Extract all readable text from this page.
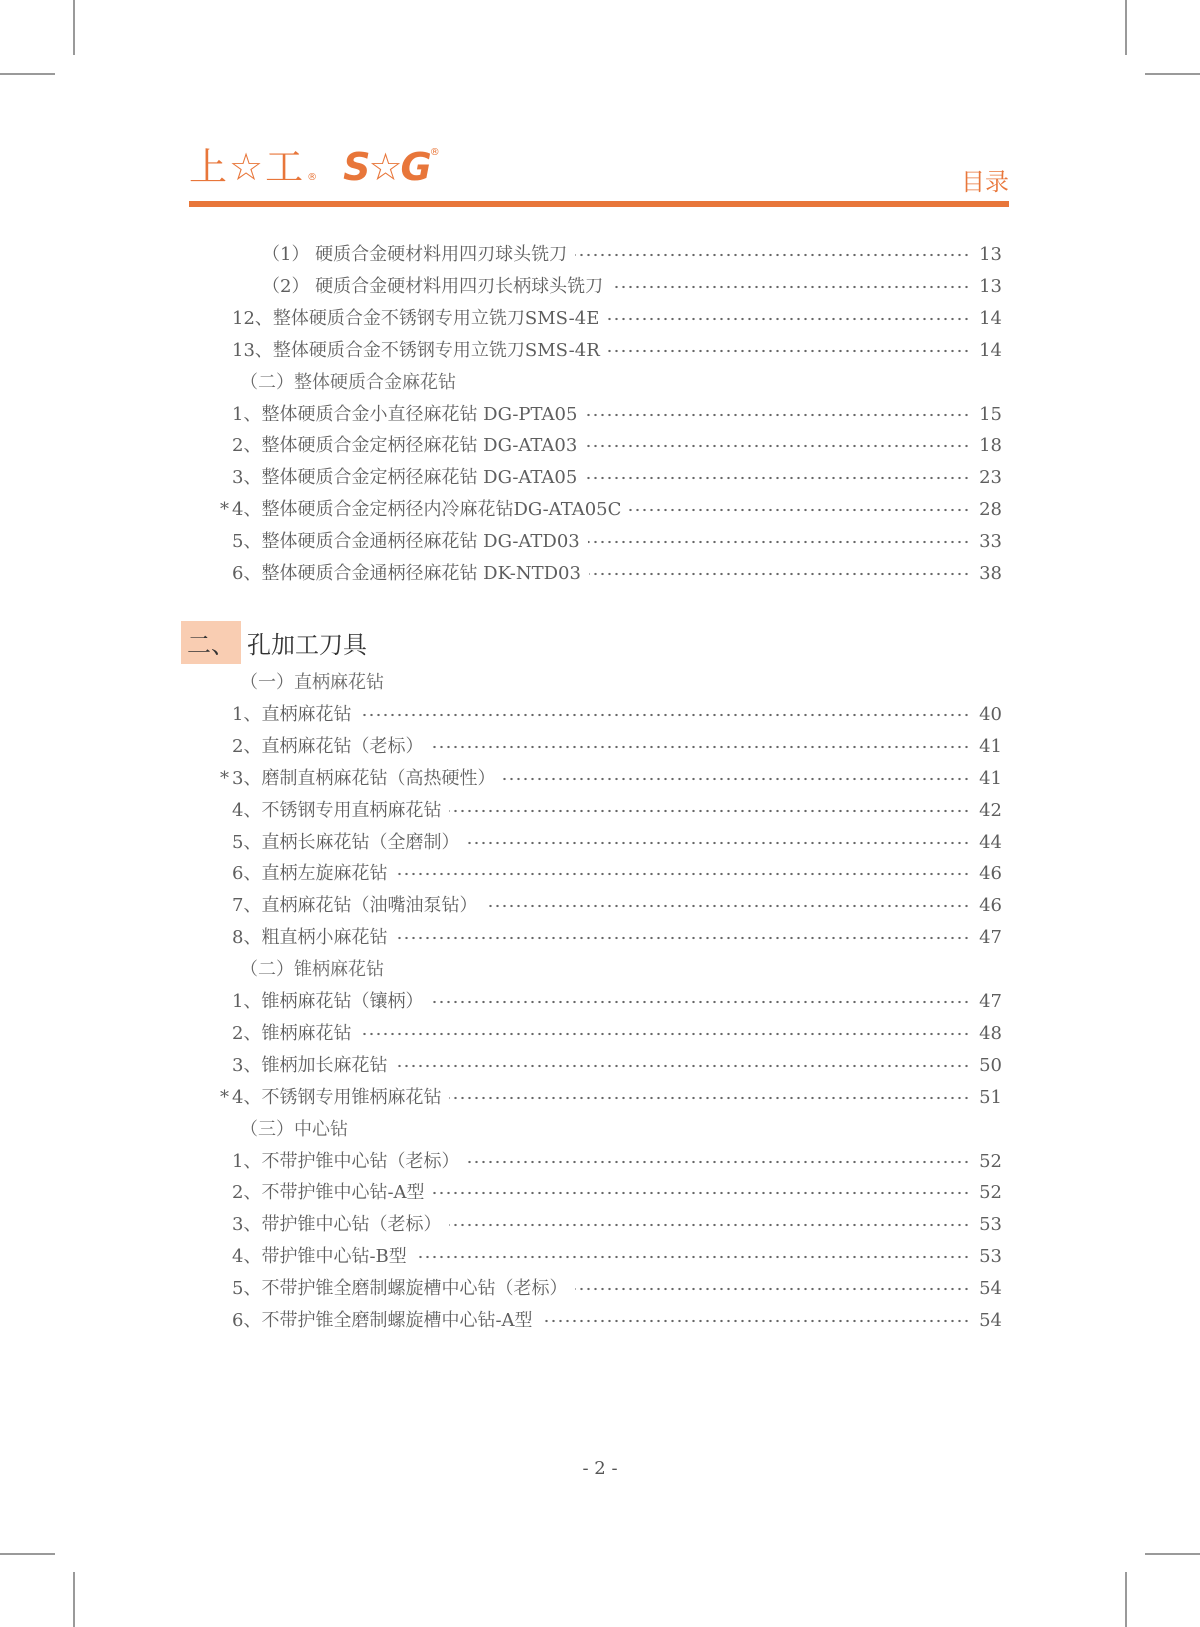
上☆工 ® S☆G®
目录
（1） 硬质合金硬材料用四刃球头铣刀	13
（2） 硬质合金硬材料用四刃长柄球头铣刀	13
12、整体硬质合金不锈钢专用立铣刀SMS-4E	14
13、整体硬质合金不锈钢专用立铣刀SMS-4R	14
（二）整体硬质合金麻花钻
1、整体硬质合金小直径麻花钻 DG-PTA05	15
2、整体硬质合金定柄径麻花钻 DG-ATA03	18
3、整体硬质合金定柄径麻花钻 DG-ATA05	23
* 4、整体硬质合金定柄径内冷麻花钻DG-ATA05C	28
5、整体硬质合金通柄径麻花钻 DG-ATD03	33
6、整体硬质合金通柄径麻花钻 DK-NTD03	38
（一）直柄麻花钻
1、直柄麻花钻	40
2、直柄麻花钻（老标）	41
* 3、磨制直柄麻花钻（高热硬性）	41
4、不锈钢专用直柄麻花钻	42
5、直柄长麻花钻（全磨制）	44
6、直柄左旋麻花钻	46
7、直柄麻花钻（油嘴油泵钻）	46
8、粗直柄小麻花钻	47
（二）锥柄麻花钻
1、锥柄麻花钻（镶柄）	47
2、锥柄麻花钻	48
3、锥柄加长麻花钻	50
* 4、不锈钢专用锥柄麻花钻	51
（三）中心钻
1、不带护锥中心钻（老标）	52
2、不带护锥中心钻-A型	52
3、带护锥中心钻（老标）	53
4、带护锥中心钻-B型	53
5、不带护锥全磨制螺旋槽中心钻（老标）	54
6、不带护锥全磨制螺旋槽中心钻-A型	54
二、 孔加工刀具
- 2 -
